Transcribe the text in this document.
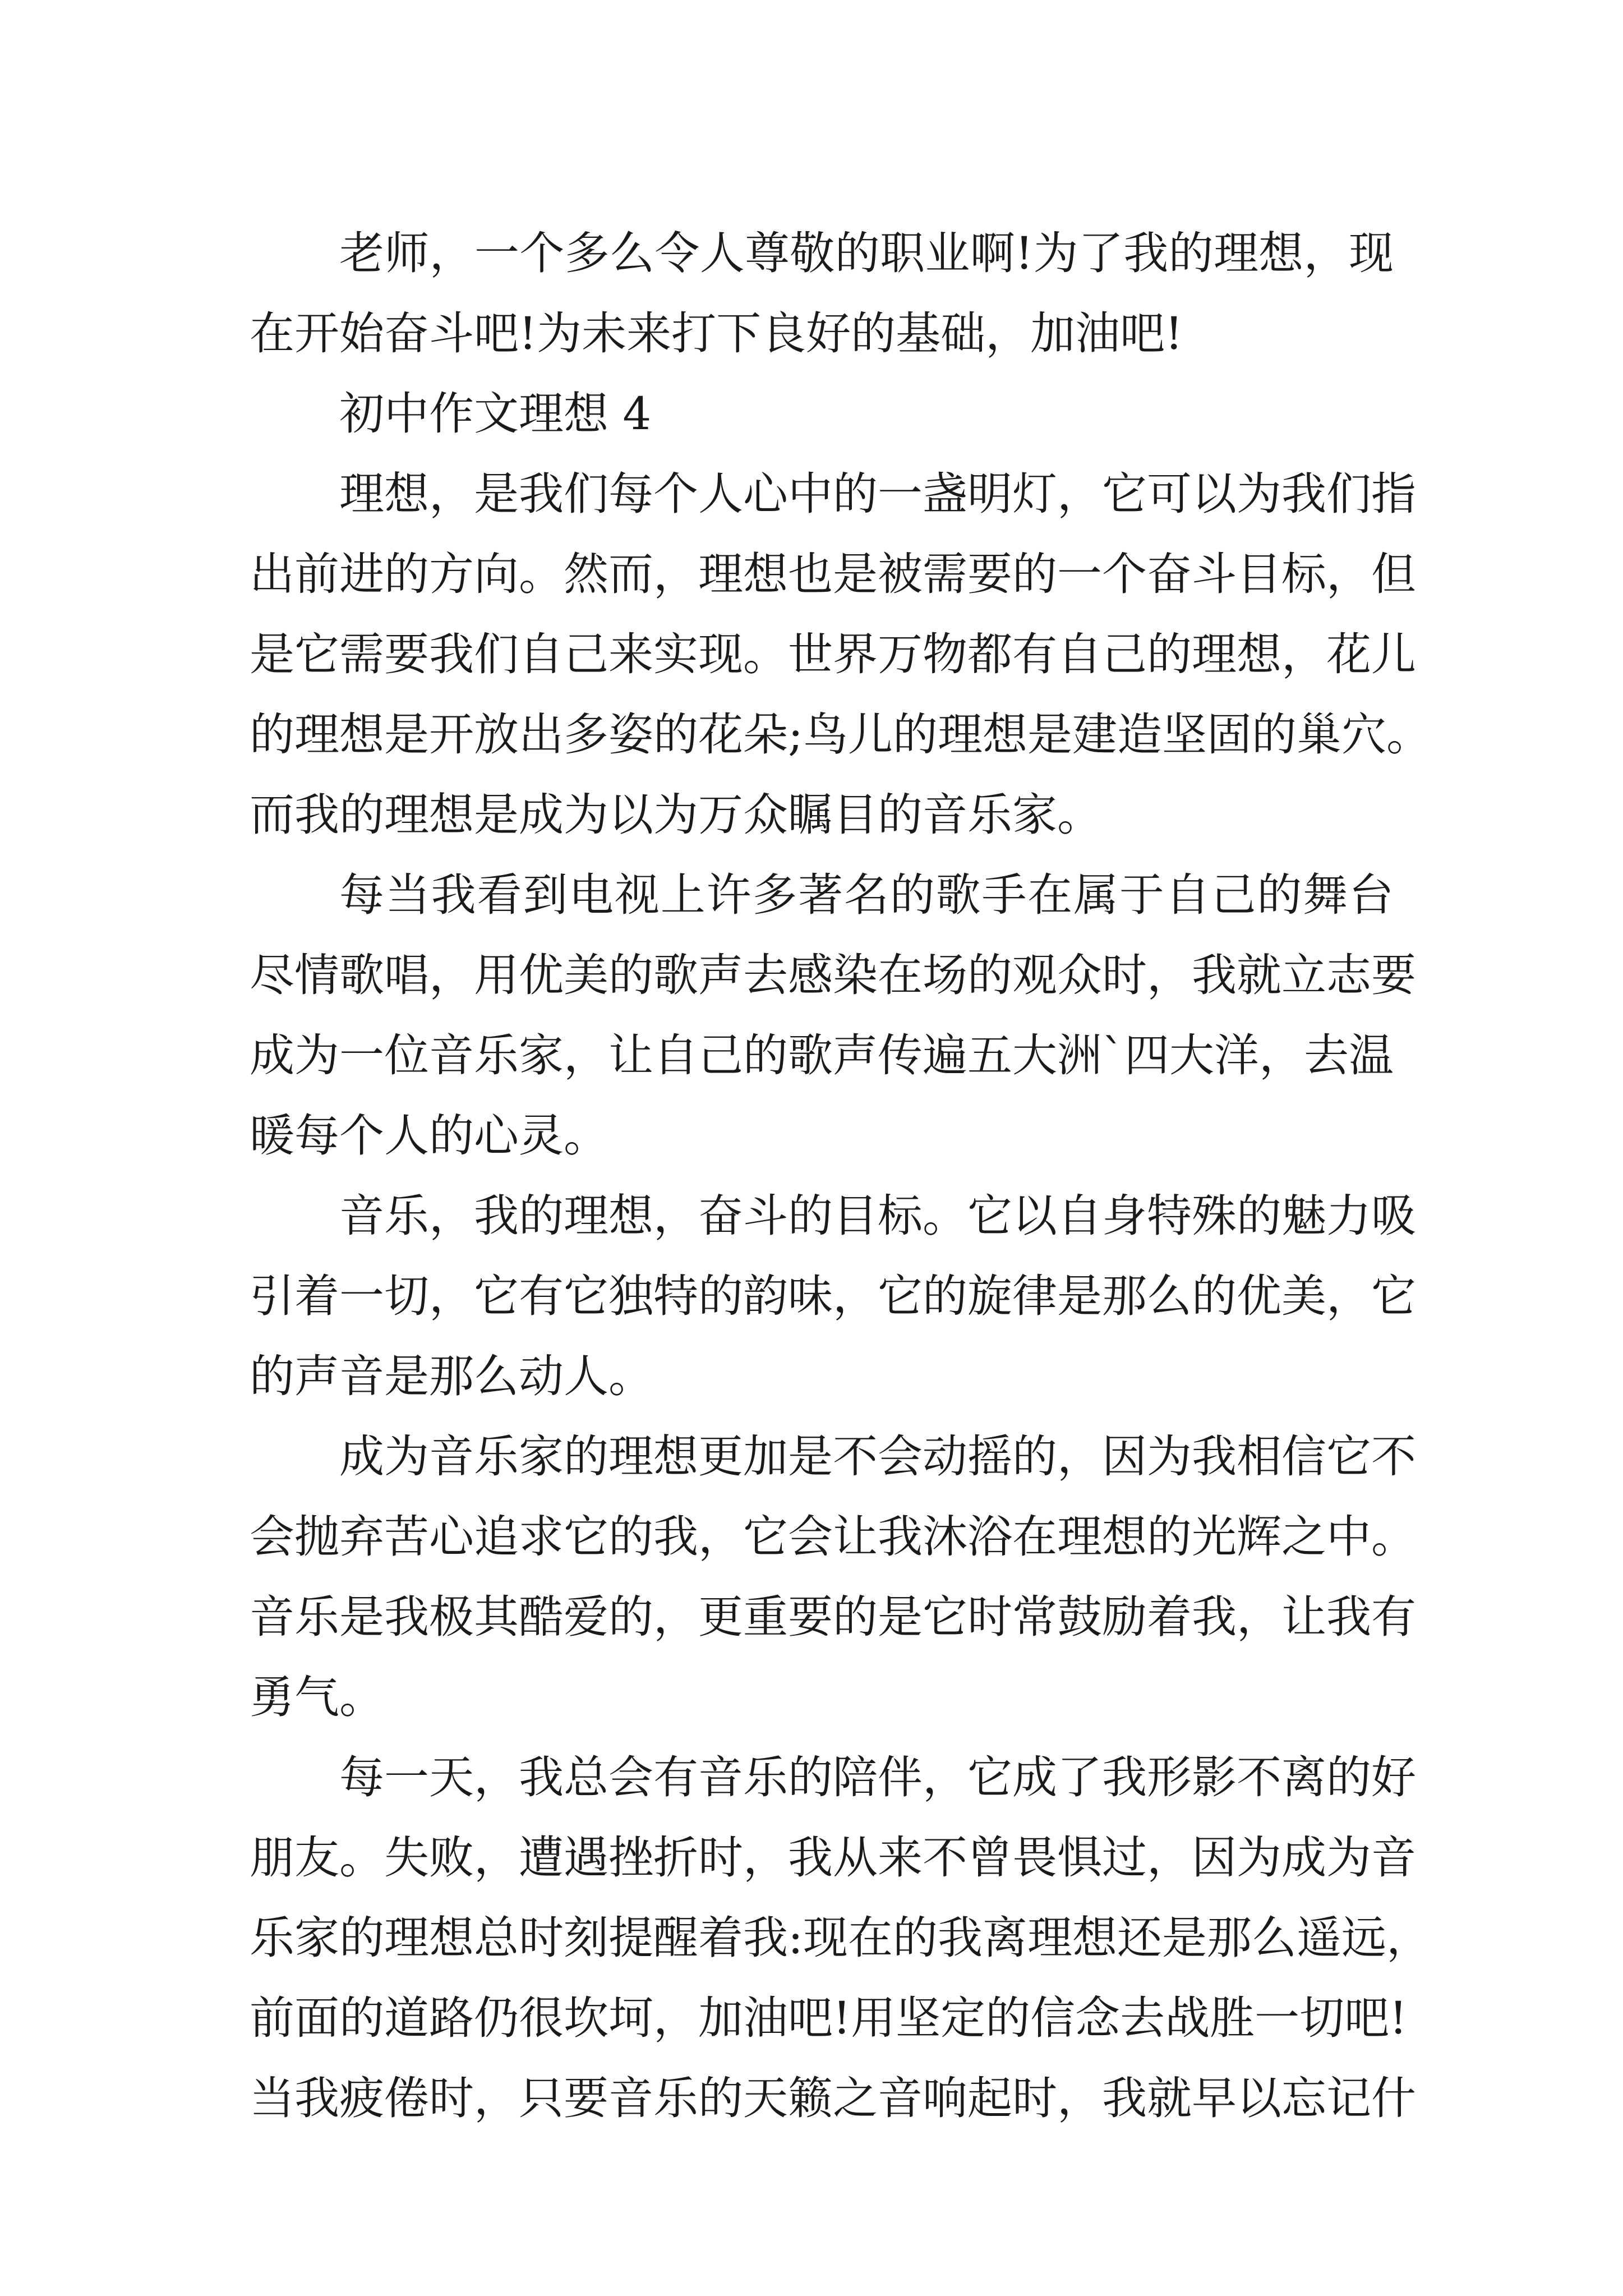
老师，一个多么令人尊敬的职业啊!为了我的理想，现
在开始奋斗吧!为未来打下良好的基础，加油吧!
初中作文理想 4
理想，是我们每个人心中的一盏明灯，它可以为我们指
出前进的方向。然而，理想也是被需要的一个奋斗目标，但
是它需要我们自己来实现。世界万物都有自己的理想，花儿
的理想是开放出多姿的花朵;鸟儿的理想是建造坚固的巢穴。
而我的理想是成为以为万众瞩目的音乐家。
每当我看到电视上许多著名的歌手在属于自己的舞台
尽情歌唱，用优美的歌声去感染在场的观众时，我就立志要
成为一位音乐家，让自己的歌声传遍五大洲`四大洋，去温
暖每个人的心灵。
音乐，我的理想，奋斗的目标。它以自身特殊的魅力吸
引着一切，它有它独特的韵味，它的旋律是那么的优美，它
的声音是那么动人。
成为音乐家的理想更加是不会动摇的，因为我相信它不
会抛弃苦心追求它的我，它会让我沐浴在理想的光辉之中。
音乐是我极其酷爱的，更重要的是它时常鼓励着我，让我有
勇气。
每一天，我总会有音乐的陪伴，它成了我形影不离的好
朋友。失败，遭遇挫折时，我从来不曾畏惧过，因为成为音
乐家的理想总时刻提醒着我:现在的我离理想还是那么遥远，
前面的道路仍很坎坷，加油吧!用坚定的信念去战胜一切吧!
当我疲倦时，只要音乐的天籁之音响起时，我就早以忘记什
